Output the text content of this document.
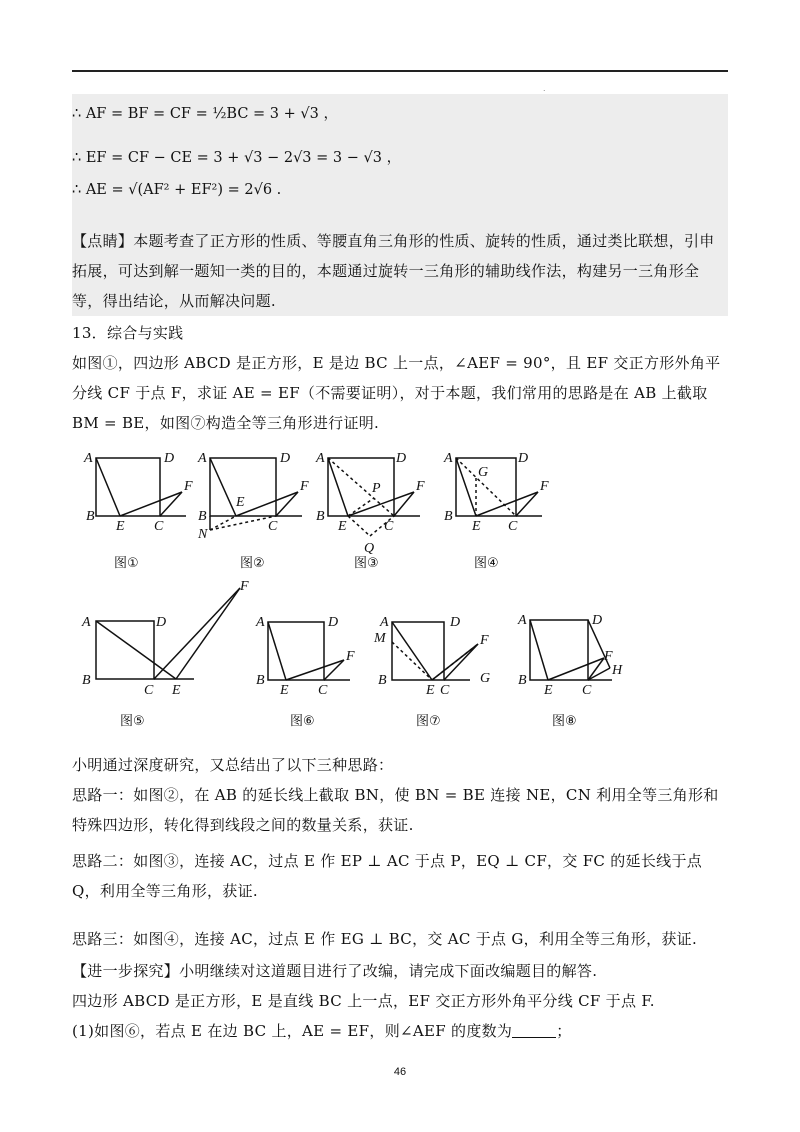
.
∴ AF = BF = CF = ½BC = 3 + √3 ，
∴ EF = CF − CE = 3 + √3 − 2√3 = 3 − √3 ，
∴ AE = √(AF² + EF²) = 2√6 .
【点睛】本题考查了正方形的性质、等腰直角三角形的性质、旋转的性质，通过类比联想，引申拓展，可达到解一题知一类的目的，本题通过旋转一三角形的辅助线作法，构建另一三角形全等，得出结论，从而解决问题.
13．综合与实践
如图①，四边形 ABCD 是正方形，E 是边 BC 上一点，∠AEF = 90°，且 EF 交正方形外角平分线 CF 于点 F，求证 AE = EF（不需要证明），对于本题，我们常用的思路是在 AB 上截取 BM = BE，如图⑦构造全等三角形进行证明.
A	D
B
E C
F
A	D
B
E
C
F
N
A	D
B
E	C
F
P
Q
A	D
B
E C
F
G
A	D
B
C E
F
A	D
B
E C
F
A	D
B
M
E C
F
G
A	D
B
E C
F
H
图①	图②	图③	图④
图⑤	图⑥	图⑦	图⑧
小明通过深度研究，又总结出了以下三种思路：
思路一：如图②，在 AB 的延长线上截取 BN，使 BN = BE 连接 NE，CN 利用全等三角形和特殊四边形，转化得到线段之间的数量关系，获证.
思路二：如图③，连接 AC，过点 E 作 EP ⊥ AC 于点 P，EQ ⊥ CF，交 FC 的延长线于点 Q，利用全等三角形，获证.
思路三：如图④，连接 AC，过点 E 作 EG ⊥ BC，交 AC 于点 G，利用全等三角形，获证.
【进一步探究】小明继续对这道题目进行了改编，请完成下面改编题目的解答.
四边形 ABCD 是正方形，E 是直线 BC 上一点，EF 交正方形外角平分线 CF 于点 F.
(1)如图⑥，若点 E 在边 BC 上，AE = EF，则∠AEF 的度数为	；
46
